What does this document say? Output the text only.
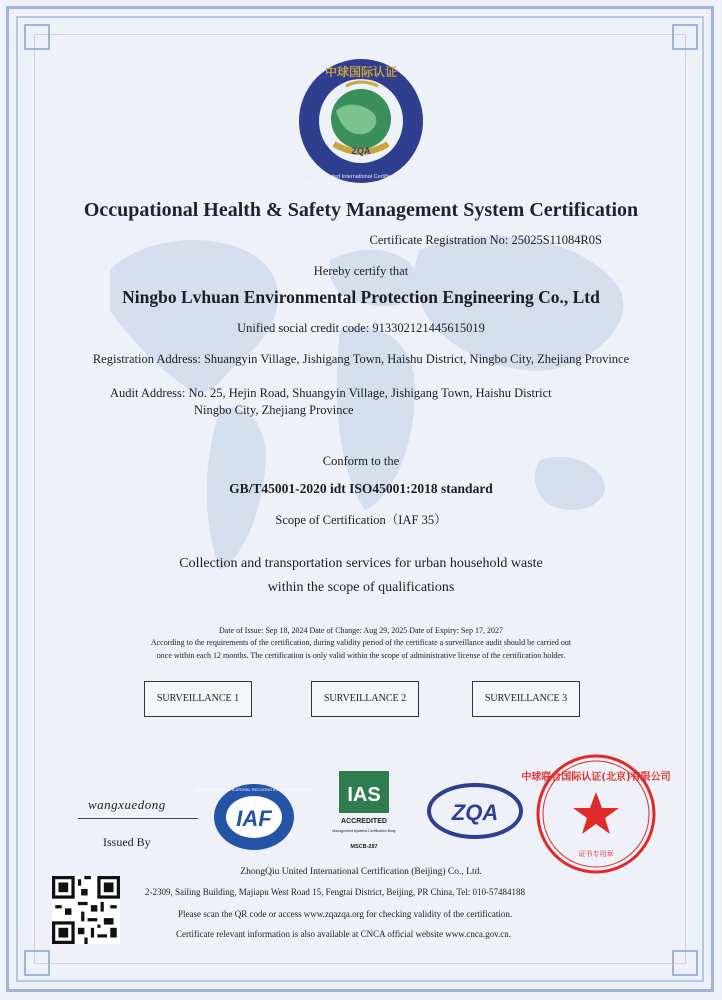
ZQA
中球国际认证
ZhongQiu United International Certification Co., Ltd
Occupational Health & Safety Management System Certification
Certificate Registration No: 25025S11084R0S
Hereby certify that
Ningbo Lvhuan Environmental Protection Engineering Co., Ltd
Unified social credit code: 913302121445615019
Registration Address: Shuangyin Village, Jishigang Town, Haishu District, Ningbo City, Zhejiang Province
Audit Address: No. 25, Hejin Road, Shuangyin Village, Jishigang Town, Haishu District
Ningbo City, Zhejiang Province
Conform to the
GB/T45001-2020 idt ISO45001:2018 standard
Scope of Certification（IAF 35）
Collection and transportation services for urban household waste
within the scope of qualifications
Date of Issue: Sep 18, 2024 Date of Change: Aug 29, 2025 Date of Expiry: Sep 17, 2027
According to the requirements of the certification, during validity period of the certificate a surveillance audit should be carried out
once within each 12 months. The certification is only valid within the scope of administrative license of the certification holder.
SURVEILLANCE 1	SURVEILLANCE 2	SURVEILLANCE 3
wangxuedong
Issued By
IAF
MEMBER OF MULTILATERAL RECOGNITION ARRANGEMENT IAS
ACCREDITED
Management Systems Certification Body
MSCB-287
ZQA
中球联合国际认证(北京)有限公司
证书专用章
ZhongQiu United International Certification (Beijing) Co., Ltd.
2-2309, Sailing Building, Majiapu West Road 15, Fengtai District, Beijing, PR China, Tel: 010-57484188
Please scan the QR code or access www.zqazqa.org for checking validity of the certification.
Certificate relevant information is also available at CNCA official website www.cnca.gov.cn.
